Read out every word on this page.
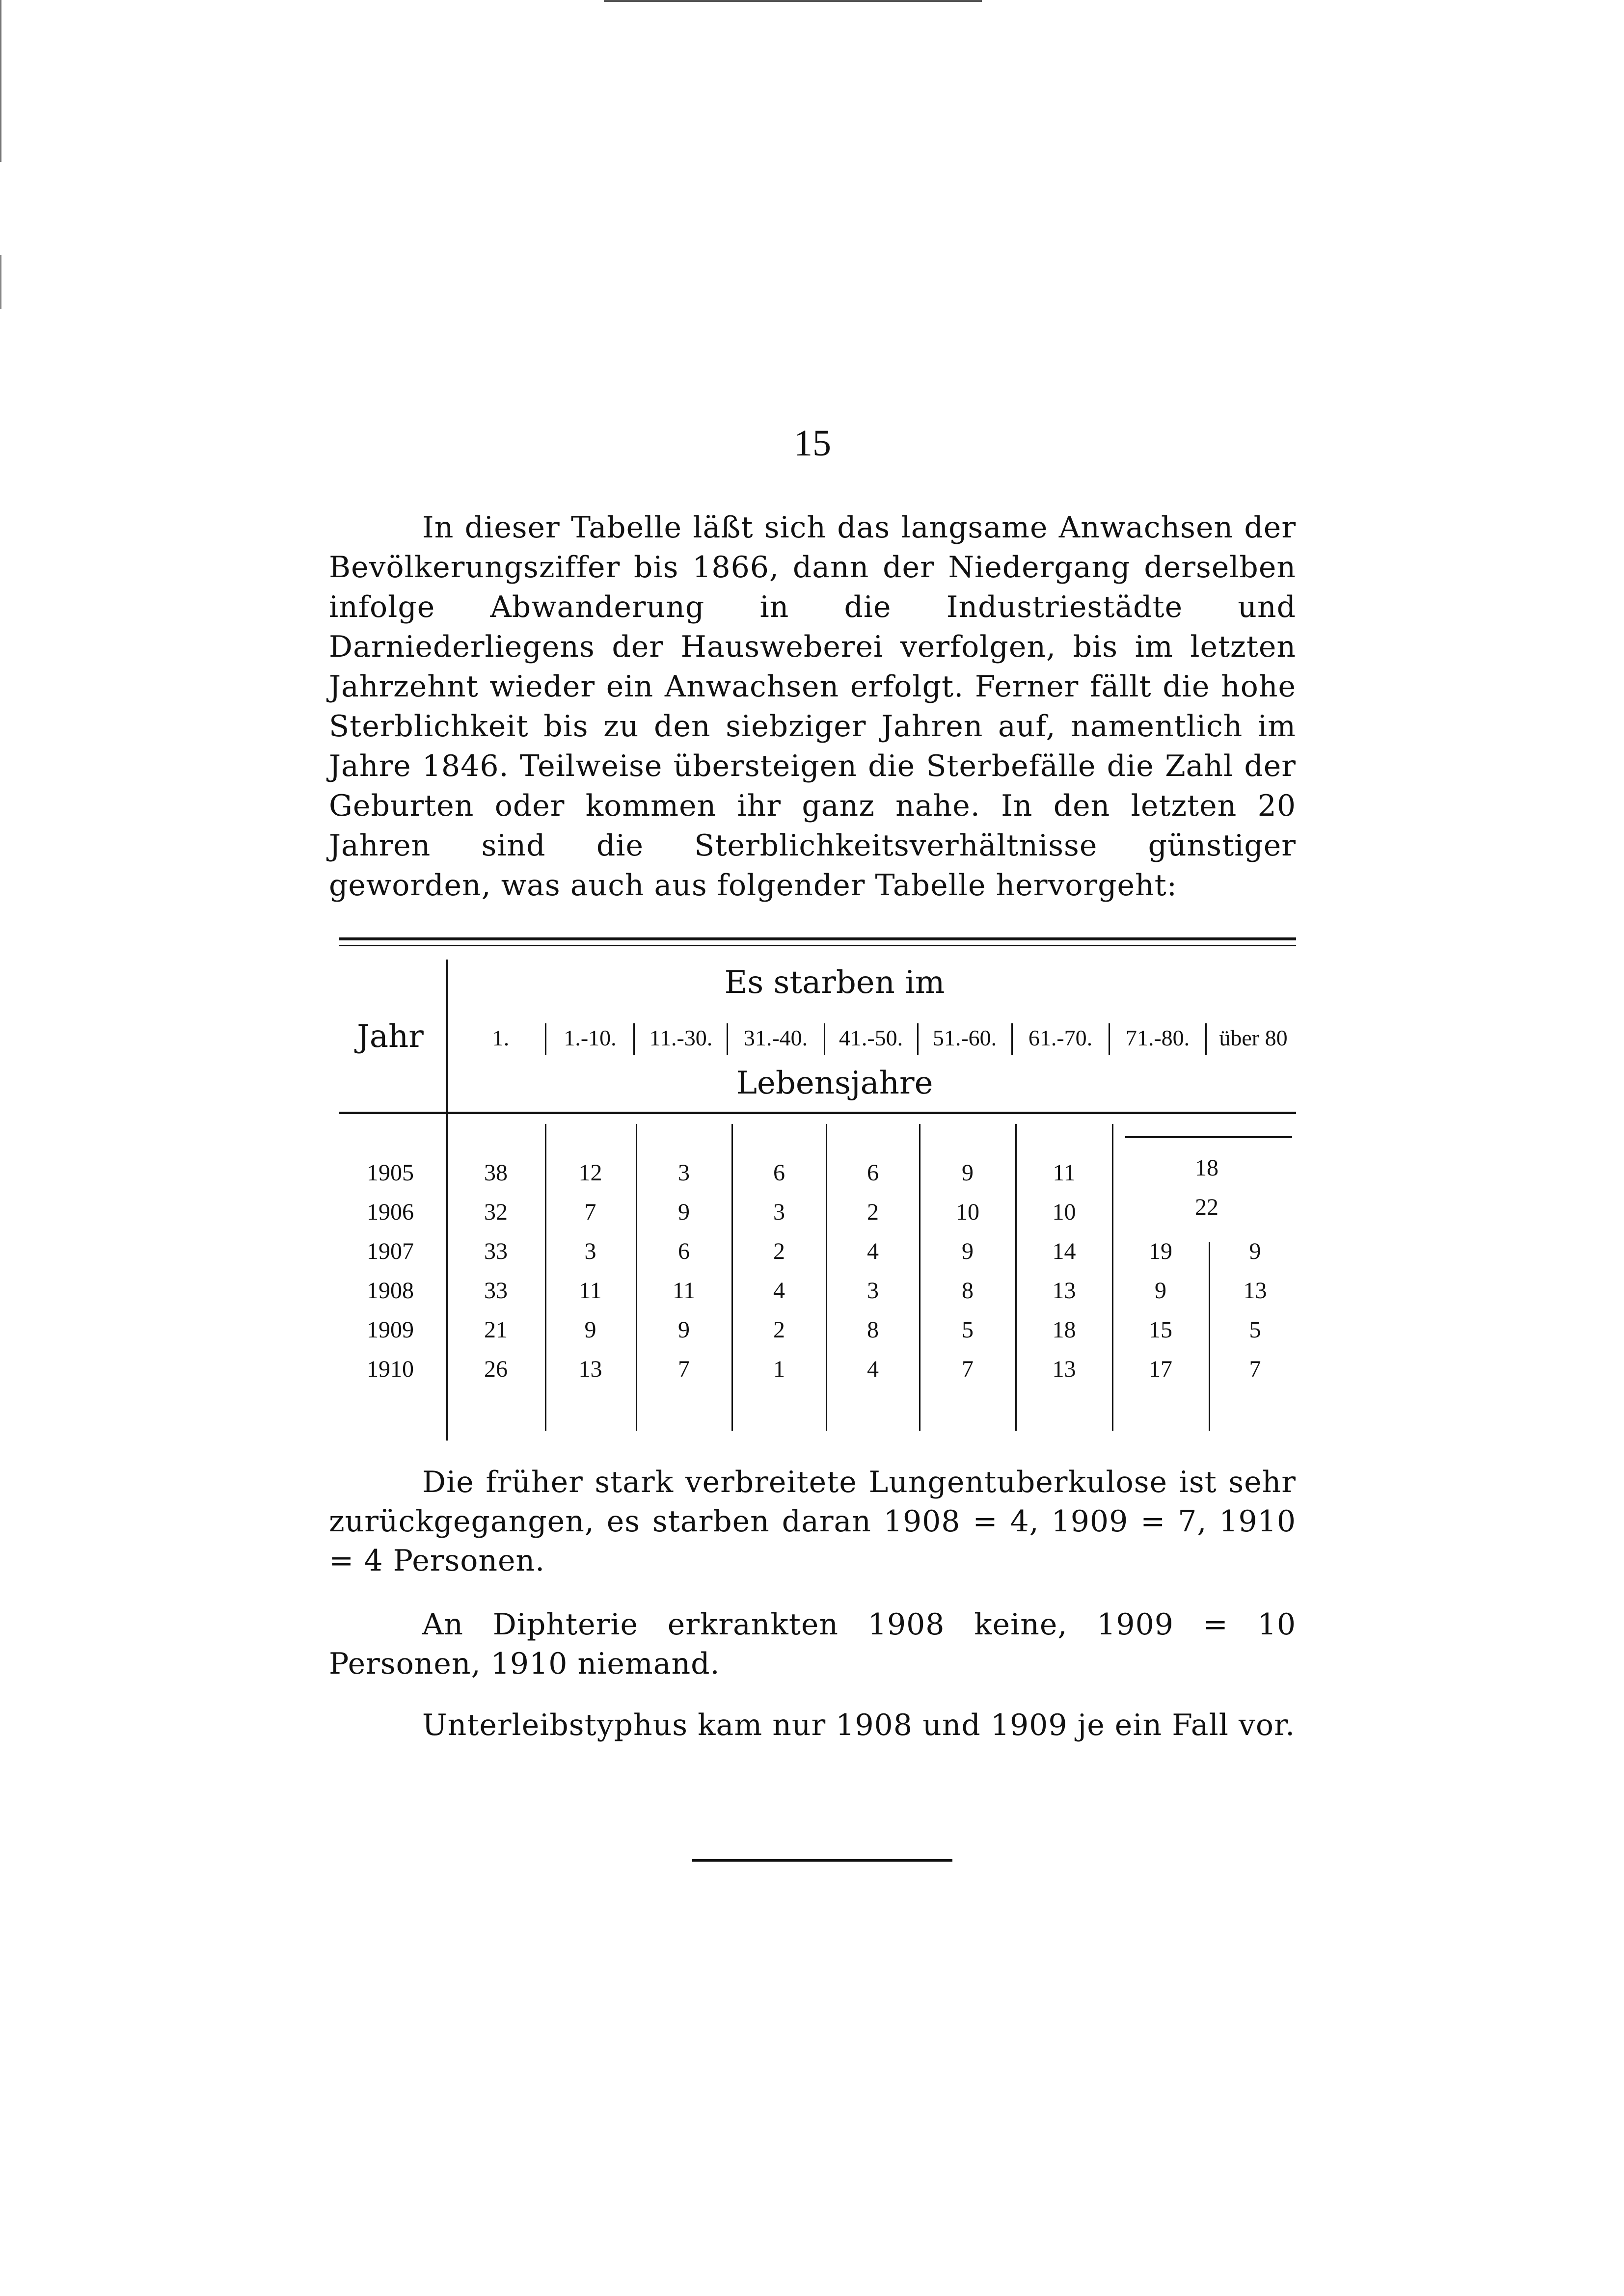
15

In dieser Tabelle läßt sich das langsame Anwachsen der Bevölkerungsziffer bis 1866, dann der Niedergang derselben infolge Abwanderung in die Industriestädte und Darniederliegens der Hausweberei verfolgen, bis im letzten Jahrzehnt wieder ein Anwachsen erfolgt. Ferner fällt die hohe Sterblichkeit bis zu den siebziger Jahren auf, namentlich im Jahre 1846. Teilweise übersteigen die Sterbefälle die Zahl der Geburten oder kommen ihr ganz nahe. In den letzten 20 Jahren sind die Sterblichkeitsverhältnisse günstiger geworden, was auch aus folgender Tabelle hervorgeht:

Jahr
Es starben im
Lebensjahre
1.	1.-10.	11.-30.	31.-40.	41.-50.	51.-60.	61.-70.	71.-80.	über 80
1905	38	12	3	6	6	9	11	18
1906	32	7	9	3	2	10	10	22
1907	33	3	6	2	4	9	14	19	9
1908	33	11	11	4	3	8	13	9	13
1909	21	9	9	2	8	5	18	15	5
1910	26	13	7	1	4	7	13	17	7

Die früher stark verbreitete Lungentuberkulose ist sehr zurückgegangen, es starben daran 1908 = 4, 1909 = 7, 1910 = 4 Personen.

An Diphterie erkrankten 1908 keine, 1909 = 10 Personen, 1910 niemand.

Unterleibstyphus kam nur 1908 und 1909 je ein Fall vor.
